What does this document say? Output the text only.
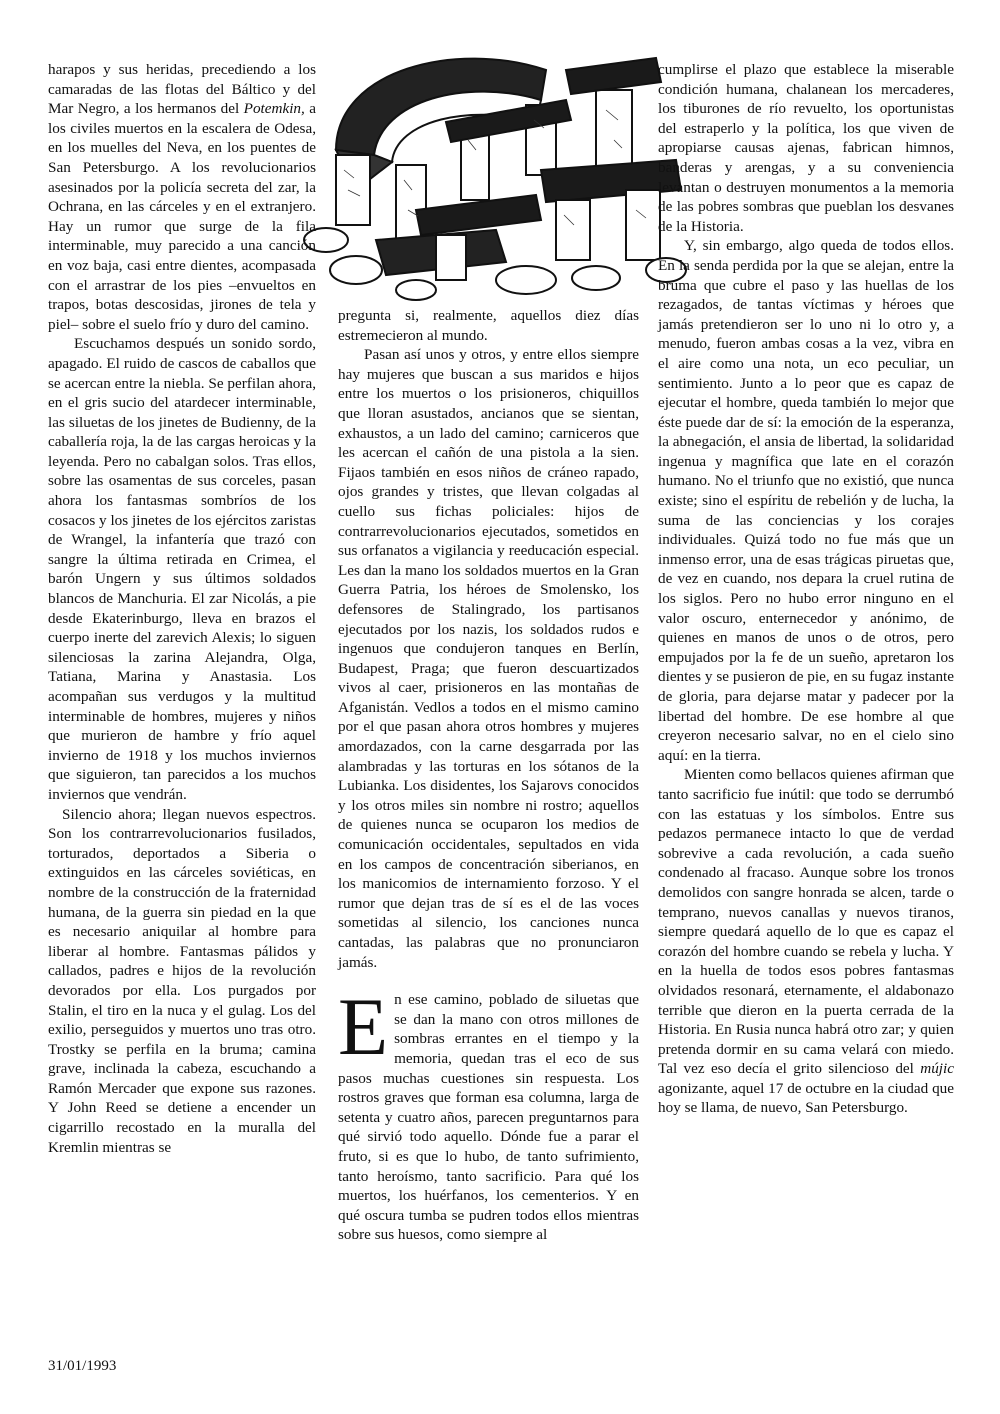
harapos y sus heridas, precediendo a los camaradas de las flotas del Báltico y del Mar Negro, a los hermanos del Potemkin, a los civiles muertos en la escalera de Odesa, en los muelles del Neva, en los puentes de San Petersburgo. A los revolucionarios asesinados por la policía secreta del zar, la Ochrana, en las cárceles y en el extranjero. Hay un rumor que surge de la fila interminable, muy parecido a una canción en voz baja, casi entre dientes, acompasada con el arrastrar de los pies –envueltos en trapos, botas descosidas, jirones de tela y piel– sobre el suelo frío y duro del camino.

Escuchamos después un sonido sordo, apagado. El ruido de cascos de caballos que se acercan entre la niebla. Se perfilan ahora, en el gris sucio del atardecer interminable, las siluetas de los jinetes de Budienny, de la caballería roja, la de las cargas heroicas y la leyenda. Pero no cabalgan solos. Tras ellos, sobre las osamentas de sus corceles, pasan ahora los fantasmas sombríos de los cosacos y los jinetes de los ejércitos zaristas de Wrangel, la infantería que trazó con sangre la última retirada en Crimea, el barón Ungern y sus últimos soldados blancos de Manchuria. El zar Nicolás, a pie desde Ekaterinburgo, lleva en brazos el cuerpo inerte del zarevich Alexis; lo siguen silenciosas la zarina Alejandra, Olga, Tatiana, Marina y Anastasia. Los acompañan sus verdugos y la multitud interminable de hombres, mujeres y niños que murieron de hambre y frío aquel invierno de 1918 y los muchos inviernos que siguieron, tan parecidos a los muchos inviernos que vendrán.

Silencio ahora; llegan nuevos espectros. Son los contrarrevolucionarios fusilados, torturados, deportados a Siberia o extinguidos en las cárceles soviéticas, en nombre de la construcción de la fraternidad humana, de la guerra sin piedad en la que es necesario aniquilar al hombre para liberar al hombre. Fantasmas pálidos y callados, padres e hijos de la revolución devorados por ella. Los purgados por Stalin, el tiro en la nuca y el gulag. Los del exilio, perseguidos y muertos uno tras otro. Trostky se perfila en la bruma; camina grave, inclinada la cabeza, escuchando a Ramón Mercader que expone sus razones. Y John Reed se detiene a encender un cigarrillo recostado en la muralla del Kremlin mientras se

pregunta si, realmente, aquellos diez días estremecieron al mundo.

Pasan así unos y otros, y entre ellos siempre hay mujeres que buscan a sus maridos e hijos entre los muertos o los prisioneros, chiquillos que lloran asustados, ancianos que se sientan, exhaustos, a un lado del camino; carniceros que les acercan el cañón de una pistola a la sien. Fijaos también en esos niños de cráneo rapado, ojos grandes y tristes, que llevan colgadas al cuello sus fichas policiales: hijos de contrarrevolucionarios ejecutados, sometidos en sus orfanatos a vigilancia y reeducación especial. Les dan la mano los soldados muertos en la Gran Guerra Patria, los héroes de Smolensko, los defensores de Stalingrado, los partisanos ejecutados por los nazis, los soldados rudos e ingenuos que condujeron tanques en Berlín, Budapest, Praga; que fueron descuartizados vivos al caer, prisioneros en las montañas de Afganistán. Vedlos a todos en el mismo camino por el que pasan ahora otros hombres y mujeres amordazados, con la carne desgarrada por las alambradas y las torturas en los sótanos de la Lubianka. Los disidentes, los Sajarovs conocidos y los otros miles sin nombre ni rostro; aquellos de quienes nunca se ocuparon los medios de comunicación occidentales, sepultados en vida en los campos de concentración siberianos, en los manicomios de internamiento forzoso. Y el rumor que dejan tras de sí es el de las voces sometidas al silencio, los canciones nunca cantadas, las palabras que no pronunciaron jamás.

En ese camino, poblado de siluetas que se dan la mano con otros millones de sombras errantes en el tiempo y la memoria, quedan tras el eco de sus pasos muchas cuestiones sin respuesta. Los rostros graves que forman esa columna, larga de setenta y cuatro años, parecen preguntarnos para qué sirvió todo aquello. Dónde fue a parar el fruto, si es que lo hubo, de tanto sufrimiento, tanto heroísmo, tanto sacrificio. Para qué los muertos, los huérfanos, los cementerios. Y en qué oscura tumba se pudren todos ellos mientras sobre sus huesos, como siempre al

cumplirse el plazo que establece la miserable condición humana, chalanean los mercaderes, los tiburones de río revuelto, los oportunistas del estraperlo y la política, los que viven de apropiarse causas ajenas, fabrican himnos, banderas y arengas, y a su conveniencia levantan o destruyen monumentos a la memoria de las pobres sombras que pueblan los desvanes de la Historia.

Y, sin embargo, algo queda de todos ellos. En la senda perdida por la que se alejan, entre la bruma que cubre el paso y las huellas de los rezagados, de tantas víctimas y héroes que jamás pretendieron ser lo uno ni lo otro y, a menudo, fueron ambas cosas a la vez, vibra en el aire como una nota, un eco peculiar, un sentimiento. Junto a lo peor que es capaz de ejecutar el hombre, queda también lo mejor que éste puede dar de sí: la emoción de la esperanza, la abnegación, el ansia de libertad, la solidaridad ingenua y magnífica que late en el corazón humano. No el triunfo que no existió, que nunca existe; sino el espíritu de rebelión y de lucha, la suma de las conciencias y los corajes individuales. Quizá todo no fue más que un inmenso error, una de esas trágicas piruetas que, de vez en cuando, nos depara la cruel rutina de los siglos. Pero no hubo error ninguno en el valor oscuro, enternecedor y anónimo, de quienes en manos de unos o de otros, pero empujados por la fe de un sueño, apretaron los dientes y se pusieron de pie, en su fugaz instante de gloria, para dejarse matar y padecer por la libertad del hombre. De ese hombre al que creyeron necesario salvar, no en el cielo sino aquí: en la tierra.

Mienten como bellacos quienes afirman que tanto sacrificio fue inútil: que todo se derrumbó con las estatuas y los símbolos. Entre sus pedazos permanece intacto lo que de verdad sobrevive a cada revolución, a cada sueño condenado al fracaso. Aunque sobre los tronos demolidos con sangre honrada se alcen, tarde o temprano, nuevos canallas y nuevos tiranos, siempre quedará aquello de lo que es capaz el corazón del hombre cuando se rebela y lucha. Y en la huella de todos esos pobres fantasmas olvidados resonará, eternamente, el aldabonazo terrible que dieron en la puerta cerrada de la Historia. En Rusia nunca habrá otro zar; y quien pretenda dormir en su cama velará con miedo. Tal vez eso decía el grito silencioso del mújic agonizante, aquel 17 de octubre en la ciudad que hoy se llama, de nuevo, San Petersburgo.

31/01/1993
